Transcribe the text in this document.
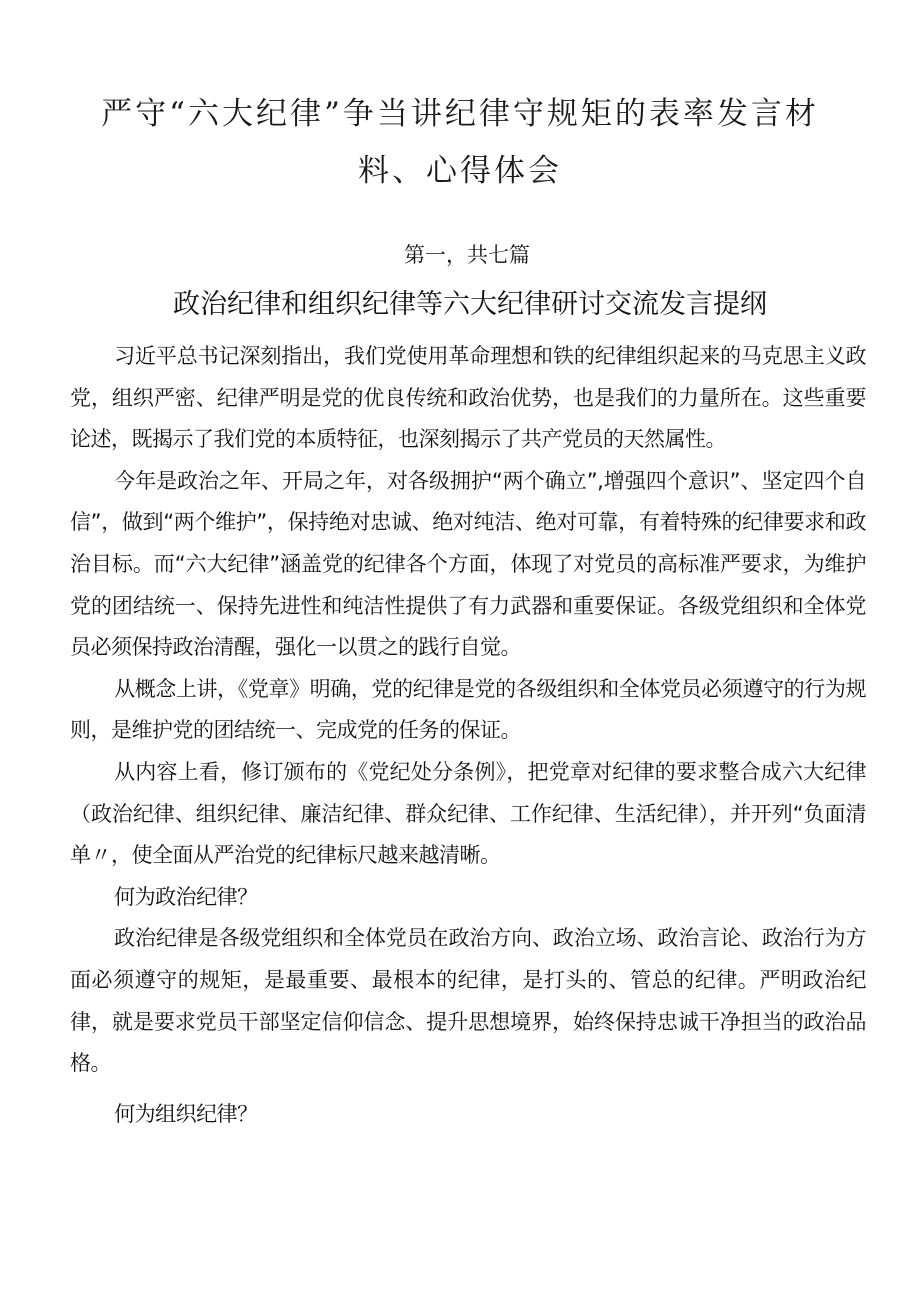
严守“六大纪律”争当讲纪律守规矩的表率发言材料、心得体会
第一，共七篇
政治纪律和组织纪律等六大纪律研讨交流发言提纲

习近平总书记深刻指出，我们党使用革命理想和铁的纪律组织起来的马克思主义政党，组织严密、纪律严明是党的优良传统和政治优势，也是我们的力量所在。这些重要论述，既揭示了我们党的本质特征，也深刻揭示了共产党员的天然属性。

今年是政治之年、开局之年，对各级拥护“两个确立”,增强四个意识”、坚定四个自信”，做到“两个维护”，保持绝对忠诚、绝对纯洁、绝对可靠，有着特殊的纪律要求和政治目标。而“六大纪律”涵盖党的纪律各个方面，体现了对党员的高标准严要求，为维护党的团结统一、保持先进性和纯洁性提供了有力武器和重要保证。各级党组织和全体党员必须保持政治清醒，强化一以贯之的践行自觉。

从概念上讲，《党章》明确，党的纪律是党的各级组织和全体党员必须遵守的行为规则，是维护党的团结统一、完成党的任务的保证。

从内容上看，修订颁布的《党纪处分条例》，把党章对纪律的要求整合成六大纪律（政治纪律、组织纪律、廉洁纪律、群众纪律、工作纪律、生活纪律），并开列“负面清单〃，使全面从严治党的纪律标尺越来越清晰。

何为政治纪律？

政治纪律是各级党组织和全体党员在政治方向、政治立场、政治言论、政治行为方面必须遵守的规矩，是最重要、最根本的纪律，是打头的、管总的纪律。严明政治纪律，就是要求党员干部坚定信仰信念、提升思想境界，始终保持忠诚干净担当的政治品格。

何为组织纪律？
